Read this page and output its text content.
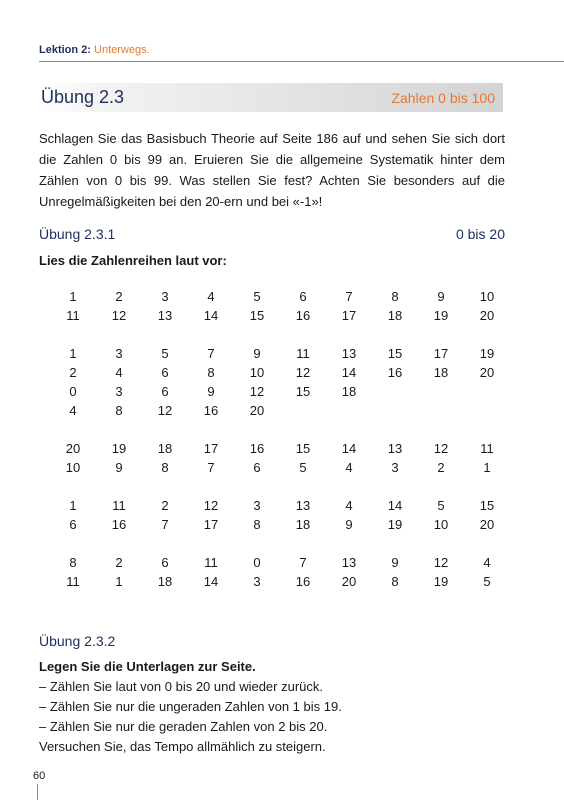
Lektion 2: Unterwegs.
Übung 2.3	Zahlen 0 bis 100

Schlagen Sie das Basisbuch Theorie auf Seite 186 auf und sehen Sie sich dort die Zahlen 0 bis 99 an. Eruieren Sie die allgemeine Systematik hinter dem Zählen von 0 bis 99. Was stellen Sie fest? Achten Sie besonders auf die Unregelmäßigkeiten bei den 20-ern und bei «-1»!

Übung 2.3.1	0 bis 20
Lies die Zahlenreihen laut vor:
1	2	3	4	5	6	7	8	9	10
11 12 13 14 15 16 17 18 19 20
1	3	5	7	9	11 13 15 17 19
2	4	6	8	10 12 14 16 18 20
0	3	6	9	12 15 18
4	8	12 16 20
20 19 18 17 16 15 14 13 12 11
10	9	8	7	6	5	4	3	2	1
1	11	2	12	3	13	4	14	5	15
6	16	7	17	8	18	9	19 10 20
8	2	6	11	0	7	13	9	12	4
11	1	18 14	3	16 20	8	19	5
Übung 2.3.2
Legen Sie die Unterlagen zur Seite.
– Zählen Sie laut von 0 bis 20 und wieder zurück.
– Zählen Sie nur die ungeraden Zahlen von 1 bis 19.
– Zählen Sie nur die geraden Zahlen von 2 bis 20.
Versuchen Sie, das Tempo allmählich zu steigern.
60
